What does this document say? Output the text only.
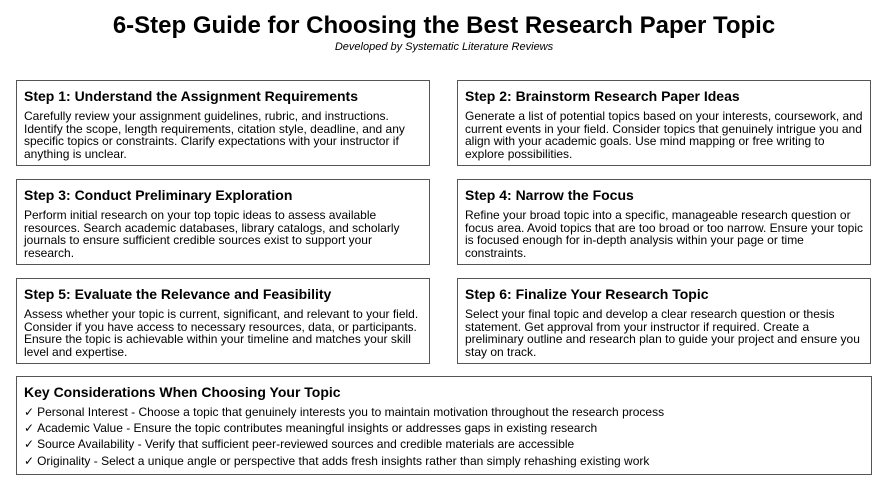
6-Step Guide for Choosing the Best Research Paper Topic
Developed by Systematic Literature Reviews
Step 1: Understand the Assignment Requirements

Carefully review your assignment guidelines, rubric, and instructions. Identify the scope, length requirements, citation style, deadline, and any specific topics or constraints. Clarify expectations with your instructor if anything is unclear.

Step 2: Brainstorm Research Paper Ideas

Generate a list of potential topics based on your interests, coursework, and current events in your field. Consider topics that genuinely intrigue you and align with your academic goals. Use mind mapping or free writing to explore possibilities.

Step 3: Conduct Preliminary Exploration

Perform initial research on your top topic ideas to assess available resources. Search academic databases, library catalogs, and scholarly journals to ensure sufficient credible sources exist to support your research.

Step 4: Narrow the Focus

Refine your broad topic into a specific, manageable research question or focus area. Avoid topics that are too broad or too narrow. Ensure your topic is focused enough for in-depth analysis within your page or time constraints.

Step 5: Evaluate the Relevance and Feasibility

Assess whether your topic is current, significant, and relevant to your field. Consider if you have access to necessary resources, data, or participants. Ensure the topic is achievable within your timeline and matches your skill level and expertise.

Step 6: Finalize Your Research Topic

Select your final topic and develop a clear research question or thesis statement. Get approval from your instructor if required. Create a preliminary outline and research plan to guide your project and ensure you stay on track.

Key Considerations When Choosing Your Topic
✓ Personal Interest - Choose a topic that genuinely interests you to maintain motivation throughout the research process
✓ Academic Value - Ensure the topic contributes meaningful insights or addresses gaps in existing research
✓ Source Availability - Verify that sufficient peer-reviewed sources and credible materials are accessible
✓ Originality - Select a unique angle or perspective that adds fresh insights rather than simply rehashing existing work
